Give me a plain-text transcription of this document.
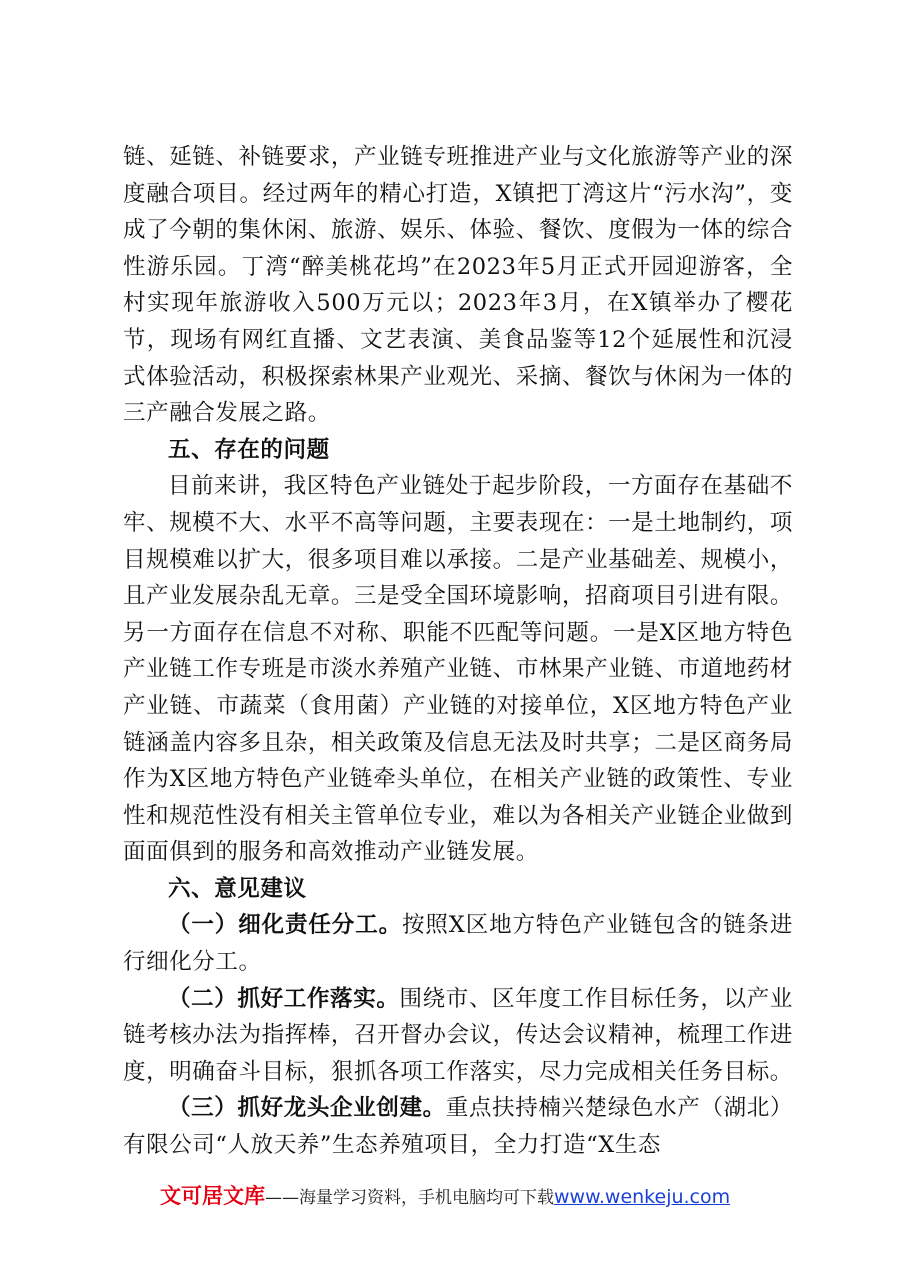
链、延链、补链要求，产业链专班推进产业与文化旅游等产业的深度融合项目。经过两年的精心打造，X镇把丁湾这片“污水沟”，变成了今朝的集休闲、旅游、娱乐、体验、餐饮、度假为一体的综合性游乐园。丁湾“醉美桃花坞”在2023年5月正式开园迎游客，全村实现年旅游收入500万元以；2023年3月，在X镇举办了樱花节，现场有网红直播、文艺表演、美食品鉴等12个延展性和沉浸式体验活动，积极探索林果产业观光、采摘、餐饮与休闲为一体的三产融合发展之路。

五、存在的问题

目前来讲，我区特色产业链处于起步阶段，一方面存在基础不牢、规模不大、水平不高等问题，主要表现在：一是土地制约，项目规模难以扩大，很多项目难以承接。二是产业基础差、规模小，且产业发展杂乱无章。三是受全国环境影响，招商项目引进有限。另一方面存在信息不对称、职能不匹配等问题。一是X区地方特色产业链工作专班是市淡水养殖产业链、市林果产业链、市道地药材产业链、市蔬菜（食用菌）产业链的对接单位，X区地方特色产业链涵盖内容多且杂，相关政策及信息无法及时共享；二是区商务局作为X区地方特色产业链牵头单位，在相关产业链的政策性、专业性和规范性没有相关主管单位专业，难以为各相关产业链企业做到面面俱到的服务和高效推动产业链发展。

六、意见建议

（一）细化责任分工。按照X区地方特色产业链包含的链条进行细化分工。

（二）抓好工作落实。围绕市、区年度工作目标任务，以产业链考核办法为指挥棒，召开督办会议，传达会议精神，梳理工作进度，明确奋斗目标，狠抓各项工作落实，尽力完成相关任务目标。

（三）抓好龙头企业创建。重点扶持楠兴楚绿色水产（湖北）有限公司“人放天养”生态养殖项目，全力打造“X生态

文可居文库——海量学习资料，手机电脑均可下载www.wenkeju.com
